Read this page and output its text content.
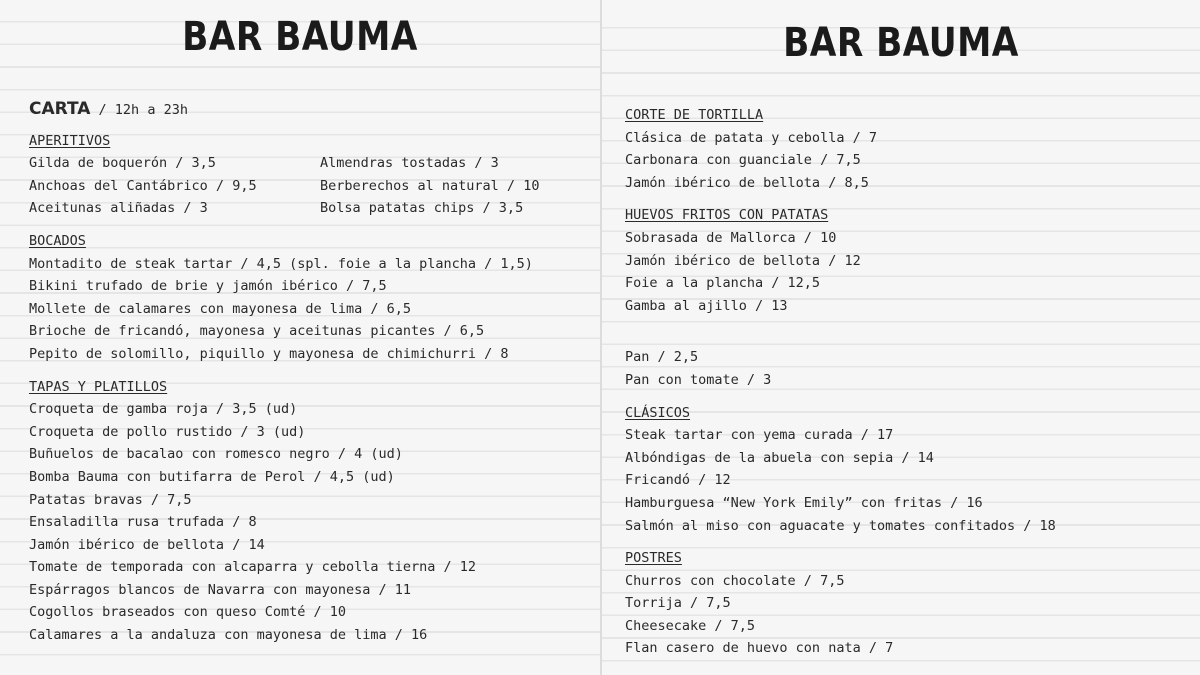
BAR BAUMA
CARTA / 12h a 23h
APERITIVOS
Gilda de boquerón / 3,5	Almendras tostadas / 3
Anchoas del Cantábrico / 9,5	Berberechos al natural / 10
Aceitunas aliñadas / 3	Bolsa patatas chips / 3,5
BOCADOS
Montadito de steak tartar / 4,5 (spl. foie a la plancha / 1,5)
Bikini trufado de brie y jamón ibérico / 7,5
Mollete de calamares con mayonesa de lima / 6,5
Brioche de fricandó, mayonesa y aceitunas picantes / 6,5
Pepito de solomillo, piquillo y mayonesa de chimichurri / 8
TAPAS Y PLATILLOS
Croqueta de gamba roja / 3,5 (ud)
Croqueta de pollo rustido / 3 (ud)
Buñuelos de bacalao con romesco negro / 4 (ud)
Bomba Bauma con butifarra de Perol / 4,5 (ud)
Patatas bravas / 7,5
Ensaladilla rusa trufada / 8
Jamón ibérico de bellota / 14
Tomate de temporada con alcaparra y cebolla tierna / 12
Espárragos blancos de Navarra con mayonesa / 11
Cogollos braseados con queso Comté / 10
Calamares a la andaluza con mayonesa de lima / 16
BAR BAUMA
CORTE DE TORTILLA
Clásica de patata y cebolla / 7
Carbonara con guanciale / 7,5
Jamón ibérico de bellota / 8,5
HUEVOS FRITOS CON PATATAS
Sobrasada de Mallorca / 10
Jamón ibérico de bellota / 12
Foie a la plancha / 12,5
Gamba al ajillo / 13
Pan / 2,5
Pan con tomate / 3
CLÁSICOS
Steak tartar con yema curada / 17
Albóndigas de la abuela con sepia / 14
Fricandó / 12
Hamburguesa “New York Emily” con fritas / 16
Salmón al miso con aguacate y tomates confitados / 18
POSTRES
Churros con chocolate / 7,5
Torrija / 7,5
Cheesecake / 7,5
Flan casero de huevo con nata / 7
